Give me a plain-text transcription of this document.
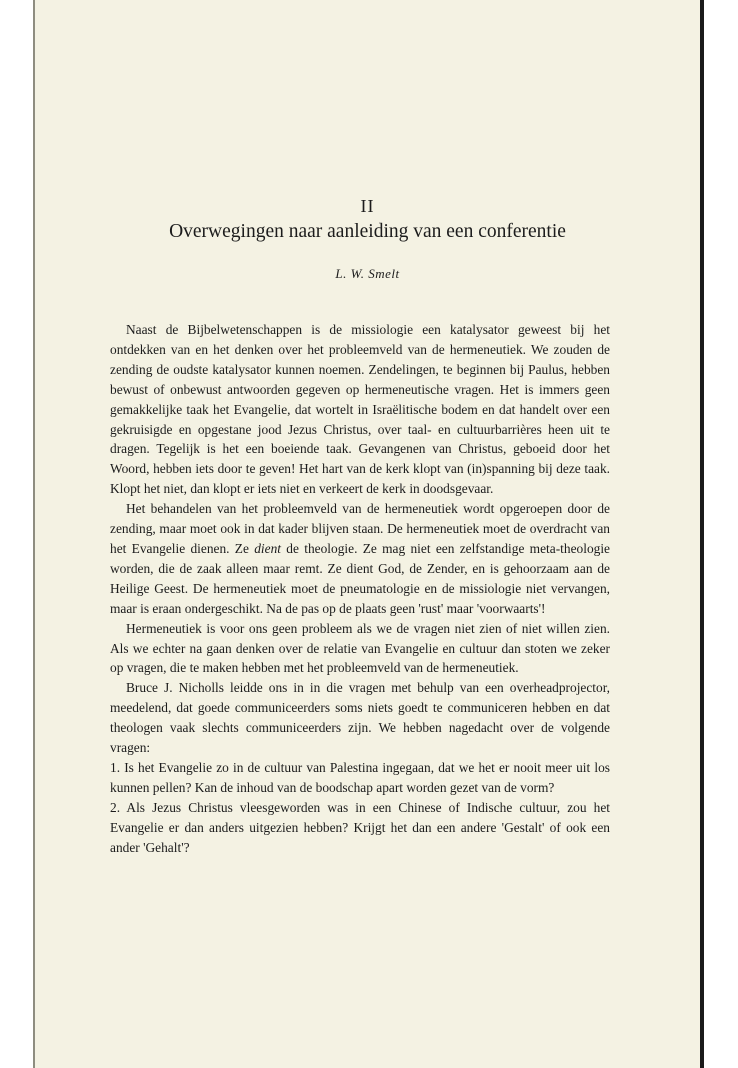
II
Overwegingen naar aanleiding van een conferentie
L. W. Smelt

Naast de Bijbelwetenschappen is de missiologie een katalysator geweest bij het ontdekken van en het denken over het probleemveld van de hermeneutiek. We zouden de zending de oudste katalysator kunnen noemen. Zendelingen, te beginnen bij Paulus, hebben bewust of onbewust antwoorden gegeven op hermeneutische vragen. Het is immers geen gemakkelijke taak het Evangelie, dat wortelt in Israëlitische bodem en dat handelt over een gekruisigde en opgestane jood Jezus Christus, over taal- en cultuurbarrières heen uit te dragen. Tegelijk is het een boeiende taak. Gevangenen van Christus, geboeid door het Woord, hebben iets door te geven! Het hart van de kerk klopt van (in)spanning bij deze taak. Klopt het niet, dan klopt er iets niet en verkeert de kerk in doodsgevaar.

Het behandelen van het probleemveld van de hermeneutiek wordt opgeroepen door de zending, maar moet ook in dat kader blijven staan. De hermeneutiek moet de overdracht van het Evangelie dienen. Ze dient de theologie. Ze mag niet een zelfstandige meta-theologie worden, die de zaak alleen maar remt. Ze dient God, de Zender, en is gehoorzaam aan de Heilige Geest. De hermeneutiek moet de pneumatologie en de missiologie niet vervangen, maar is eraan ondergeschikt. Na de pas op de plaats geen 'rust' maar 'voorwaarts'!

Hermeneutiek is voor ons geen probleem als we de vragen niet zien of niet willen zien. Als we echter na gaan denken over de relatie van Evangelie en cultuur dan stoten we zeker op vragen, die te maken hebben met het probleemveld van de hermeneutiek.

Bruce J. Nicholls leidde ons in in die vragen met behulp van een overheadprojector, meedelend, dat goede communiceerders soms niets goedt te communiceren hebben en dat theologen vaak slechts communiceerders zijn. We hebben nagedacht over de volgende vragen:

1. Is het Evangelie zo in de cultuur van Palestina ingegaan, dat we het er nooit meer uit los kunnen pellen? Kan de inhoud van de boodschap apart worden gezet van de vorm?

2. Als Jezus Christus vleesgeworden was in een Chinese of Indische cultuur, zou het Evangelie er dan anders uitgezien hebben? Krijgt het dan een andere 'Gestalt' of ook een ander 'Gehalt'?
